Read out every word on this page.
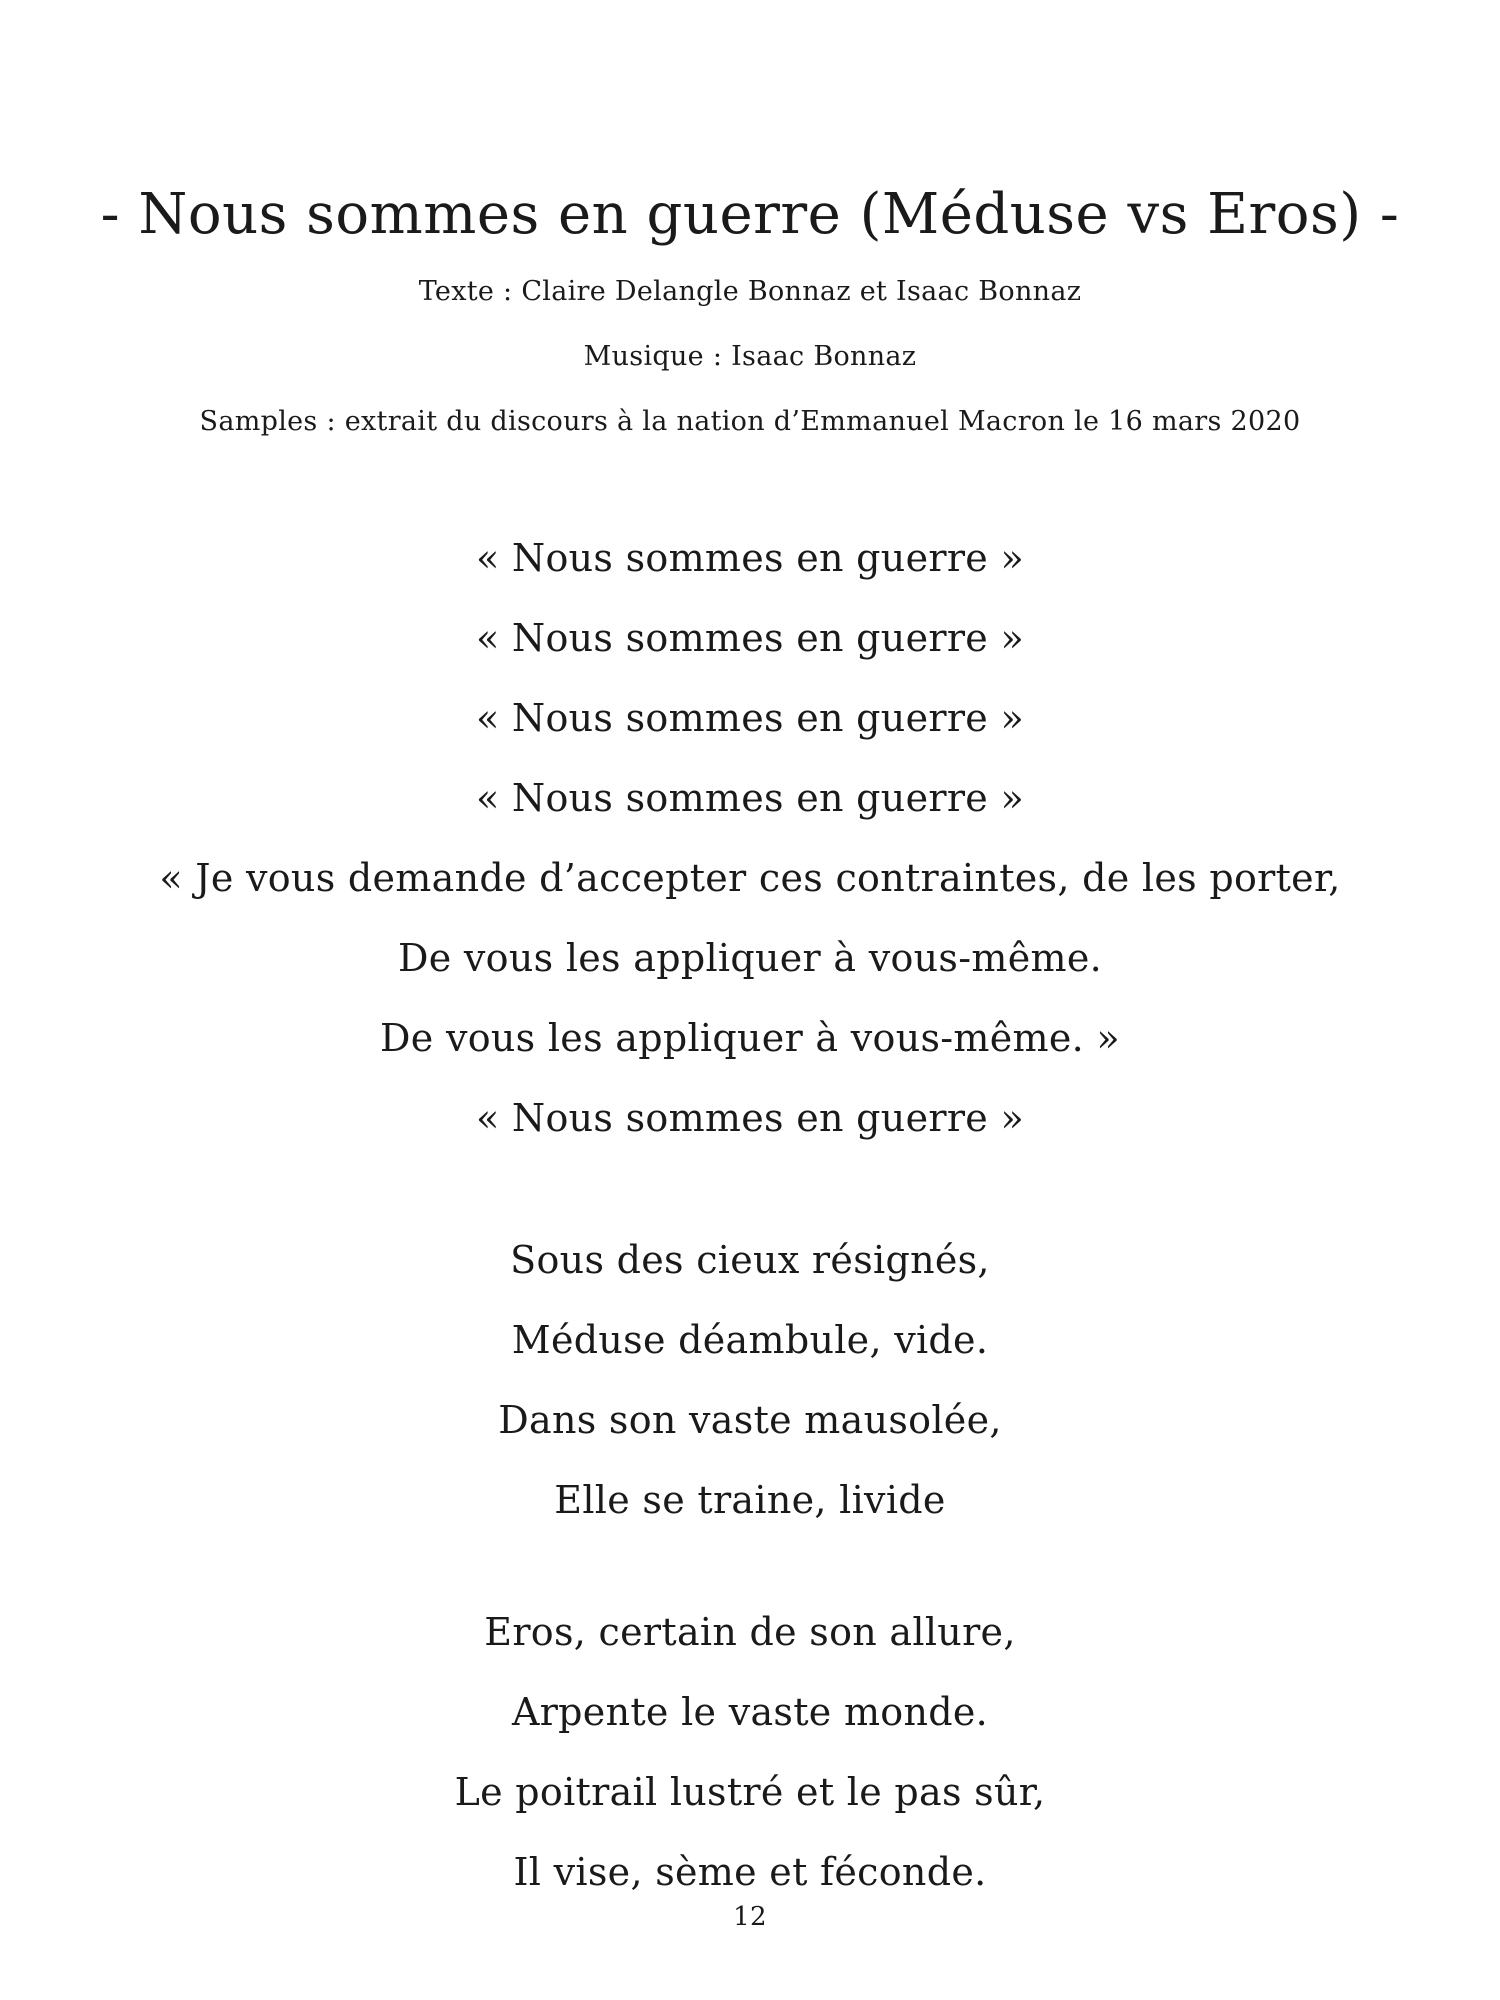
- Nous sommes en guerre (Méduse vs Eros) -
Texte : Claire Delangle Bonnaz et Isaac Bonnaz
Musique : Isaac Bonnaz
Samples : extrait du discours à la nation d’Emmanuel Macron le 16 mars 2020
« Nous sommes en guerre »
« Nous sommes en guerre »
« Nous sommes en guerre »
« Nous sommes en guerre »
« Je vous demande d’accepter ces contraintes, de les porter,
De vous les appliquer à vous-même.
De vous les appliquer à vous-même. »
« Nous sommes en guerre »
Sous des cieux résignés,
Méduse déambule, vide.
Dans son vaste mausolée,
Elle se traine, livide
Eros, certain de son allure,
Arpente le vaste monde.
Le poitrail lustré et le pas sûr,
Il vise, sème et féconde.
12
